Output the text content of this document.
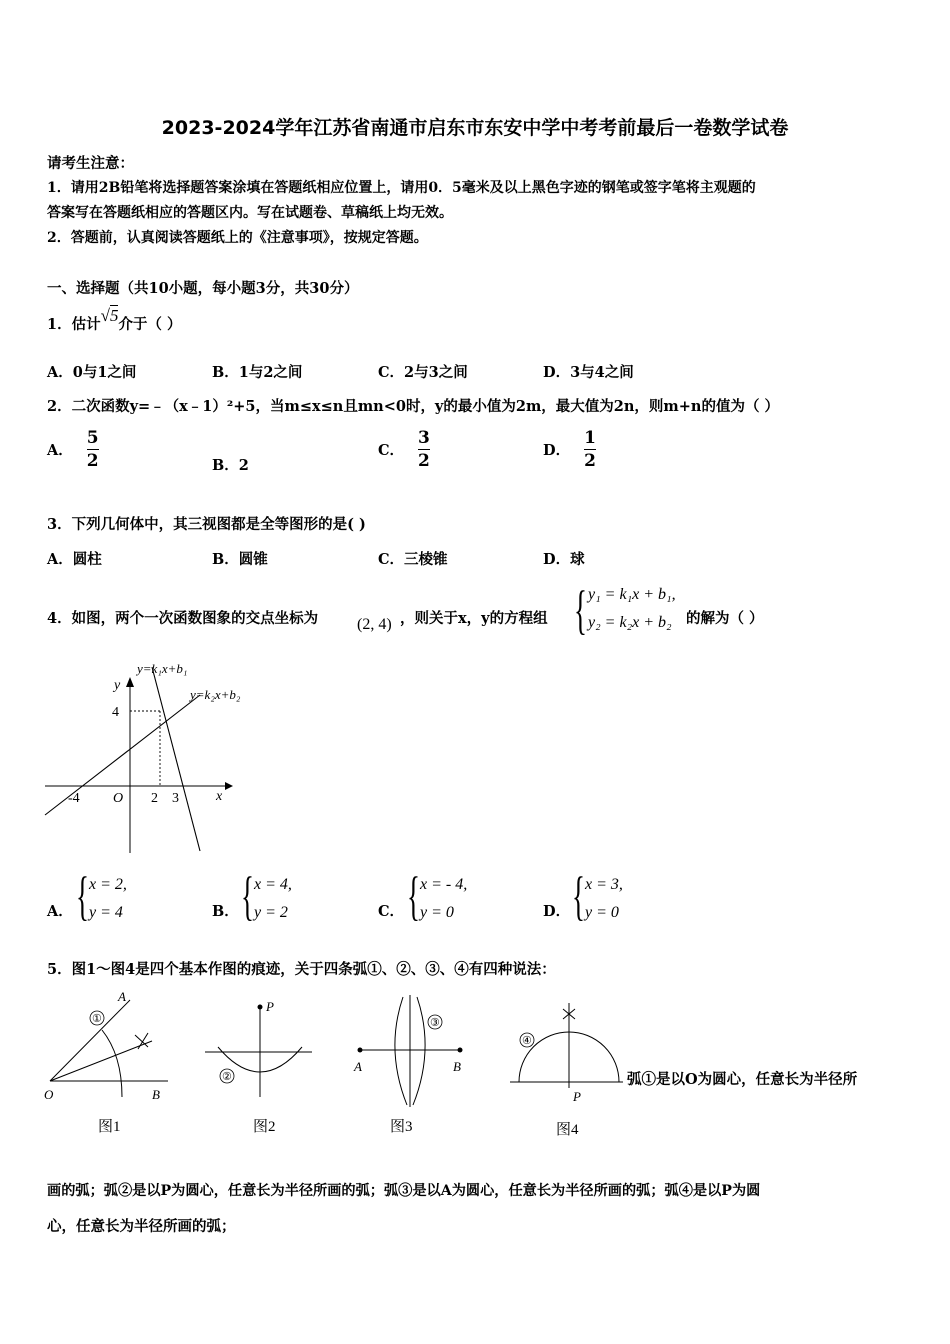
2023-2024学年江苏省南通市启东市东安中学中考考前最后一卷数学试卷
请考生注意：
1．请用2B铅笔将选择题答案涂填在答题纸相应位置上，请用0．5毫米及以上黑色字迹的钢笔或签字笔将主观题的
答案写在答题纸相应的答题区内。写在试题卷、草稿纸上均无效。
2．答题前，认真阅读答题纸上的《注意事项》，按规定答题。
一、选择题（共10小题，每小题3分，共30分）
1．估计√5介于（ ）
A．0与1之间	B．1与2之间	C．2与3之间	D．3与4之间
2．二次函数y=﹣（x﹣1）²+5，当m≤x≤n且mn<0时，y的最小值为2m，最大值为2n，则m+n的值为（ ）
A． $\frac{5}{2}$	B．2
C． $\frac{3}{2}$	D． $\frac{1}{2}$
3．下列几何体中，其三视图都是全等图形的是( )
A．圆柱	B．圆锥	C．三棱锥	D．球
4．如图，两个一次函数图象的交点坐标为 (2, 4) ，则关于x，y的方程组 { y₁ = k₁x + b₁,
y₂ = k₂x + b₂ 的解为（ ）
y=k₁x+b₁
y=k₂x+b₂
y
x
O
4
-4	2 3
A． { x = 2,
y = 4	B． { x = 4,
y = 2	C． { x = - 4,
y = 0	D． { x = 3,
y = 0
5．图1～图4是四个基本作图的痕迹，关于四条弧①、②、③、④有四种说法：
①
A
O	B
图1
②
P
图2
③
A	B
图3
④
P
图4
弧①是以O为圆心，任意长为半径所
画的弧；弧②是以P为圆心，任意长为半径所画的弧；弧③是以A为圆心，任意长为半径所画的弧；弧④是以P为圆
心，任意长为半径所画的弧；
